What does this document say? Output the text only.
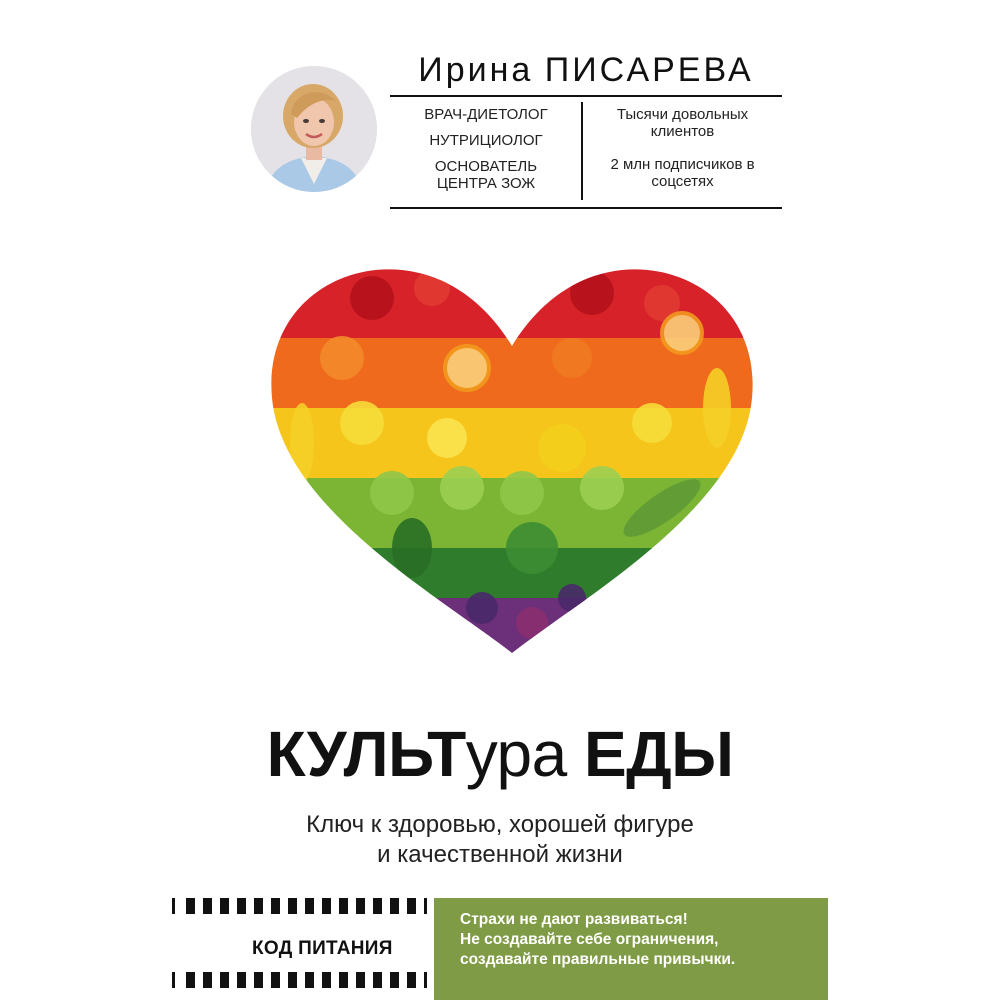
Ирина ПИСАРЕВА
ВРАЧ-ДИЕТОЛОГ
НУТРИЦИОЛОГ
ОСНОВАТЕЛЬ ЦЕНТРА ЗОЖ
Тысячи довольных клиентов
2 млн подписчиков в соцсетях
КУЛЬТура ЕДЫ
Ключ к здоровью, хорошей фигуре
и качественной жизни
КОД ПИТАНИЯ
Страхи не дают развиваться!
Не создавайте себе ограничения,
создавайте правильные привычки.
